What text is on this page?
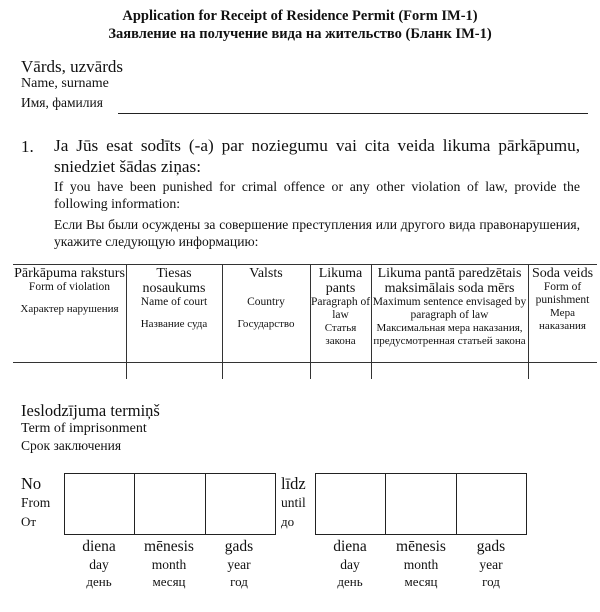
Application for Receipt of Residence Permit (Form IM-1)
Заявление на получение вида на жительство (Бланк IM-1)
Vārds, uzvārds
Name, surname
Имя, фамилия
1. Ja Jūs esat sodīts (-a) par noziegumu vai cita veida likuma pārkāpumu, sniedziet šādas ziņas:
If you have been punished for crimal offence or any other violation of law, provide the following information:
Если Вы были осуждены за совершение преступления или другого вида правонарушения, укажите следующую информацию:
Pārkāpuma raksturs
Form of violation
Характер нарушения
Tiesas nosaukums
Name of court
Название суда
Valsts
Country
Государство
Likuma pants
Paragraph of law
Статья закона
Likuma pantā paredzētais maksimālais soda mērs
Maximum sentence envisaged by paragraph of law
Максимальная мера наказания, предусмотренная статьей закона
Soda veids
Form of punishment
Мера наказания
Ieslodzījuma termiņš
Term of imprisonment
Срок заключения
No
From
От
līdz
until
до
diena
day
день
mēnesis
month
месяц
gads
year
год
diena
day
день
mēnesis
month
месяц
gads
year
год
